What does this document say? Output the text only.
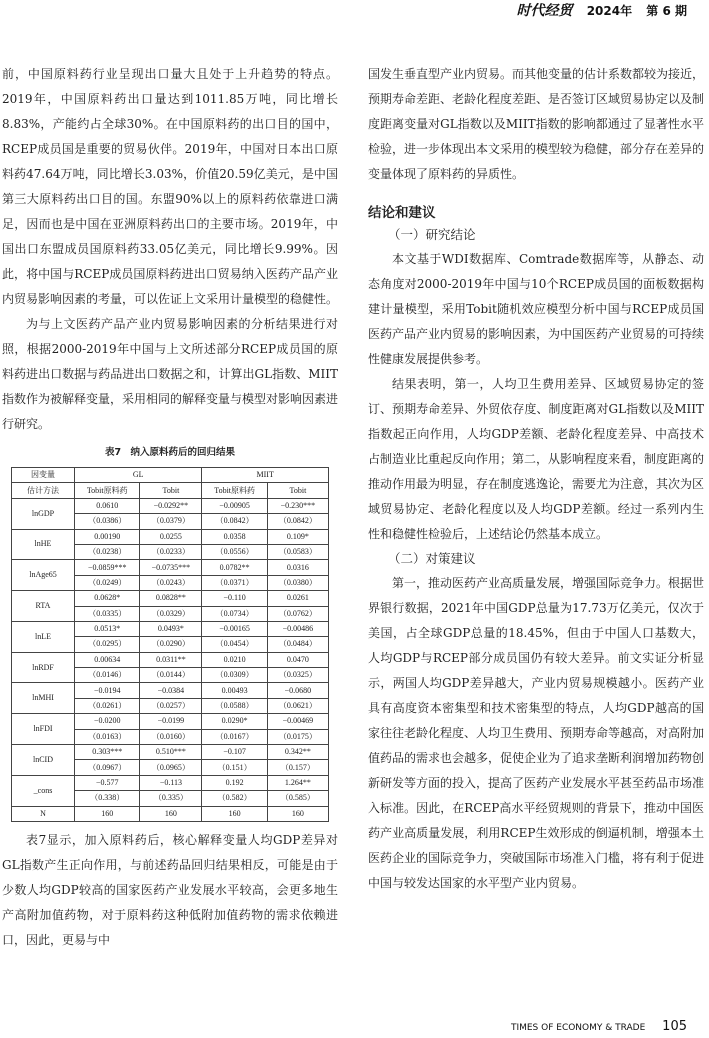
时代经贸 2024年 第 6 期

前，中国原料药行业呈现出口量大且处于上升趋势的特点。2019年，中国原料药出口量达到1011.85万吨，同比增长8.83%，产能约占全球30%。在中国原料药的出口目的国中，RCEP成员国是重要的贸易伙伴。2019年，中国对日本出口原料药47.64万吨，同比增长3.03%，价值20.59亿美元，是中国第三大原料药出口目的国。东盟90%以上的原料药依靠进口满足，因而也是中国在亚洲原料药出口的主要市场。2019年，中国出口东盟成员国原料药33.05亿美元，同比增长9.99%。因此，将中国与RCEP成员国原料药进出口贸易纳入医药产品产业内贸易影响因素的考量，可以佐证上文采用计量模型的稳健性。

为与上文医药产品产业内贸易影响因素的分析结果进行对照，根据2000-2019年中国与上文所述部分RCEP成员国的原料药进出口数据与药品进出口数据之和，计算出GL指数、MIIT指数作为被解释变量，采用相同的解释变量与模型对影响因素进行研究。

表7　纳入原料药后的回归结果
因变量	GL		MIIT	
估计方法	Tobit原料药	Tobit	Tobit原料药	Tobit
lnGDP	0.0610	−0.0292**	−0.00905	−0.230***
	（0.0386）	（0.0379）	（0.0842）	（0.0842）
lnHE	0.00190	0.0255	0.0358	0.109*
	（0.0238）	（0.0233）	（0.0556）	（0.0583）
lnAge65	−0.0859***	−0.0735***	0.0782**	0.0316
	（0.0249）	（0.0243）	（0.0371）	（0.0380）
RTA	0.0628*	0.0828**	−0.110	0.0261
	（0.0335）	（0.0329）	（0.0734）	（0.0762）
lnLE	0.0513*	0.0493*	−0.00165	−0.00486
	（0.0295）	（0.0290）	（0.0454）	（0.0484）
lnRDF	0.00634	0.0311**	0.0210	0.0470
	（0.0146）	（0.0144）	（0.0309）	（0.0325）
lnMHI	−0.0194	−0.0384	0.00493	−0.0680
	（0.0261）	（0.0257）	（0.0588）	（0.0621）
lnFDI	−0.0200	−0.0199	0.0290*	−0.00469
	（0.0163）	（0.0160）	（0.0167）	（0.0175）
lnCID	0.303***	0.510***	−0.107	0.342**
	（0.0967）	（0.0965）	（0.151）	（0.157）
_cons	−0.577	−0.113	0.192	1.264**
	（0.338）	（0.335）	（0.582）	（0.585）
N	160	160	160	160

表7显示，加入原料药后，核心解释变量人均GDP差异对GL指数产生正向作用，与前述药品回归结果相反，可能是由于少数人均GDP较高的国家医药产业发展水平较高，会更多地生产高附加值药物，对于原料药这种低附加值药物的需求依赖进口，因此，更易与中

国发生垂直型产业内贸易。而其他变量的估计系数都较为接近，预期寿命差距、老龄化程度差距、是否签订区域贸易协定以及制度距离变量对GL指数以及MIIT指数的影响都通过了显著性水平检验，进一步体现出本文采用的模型较为稳健，部分存在差异的变量体现了原料药的异质性。

结论和建议

（一）研究结论

本文基于WDI数据库、Comtrade数据库等，从静态、动态角度对2000-2019年中国与10个RCEP成员国的面板数据构建计量模型，采用Tobit随机效应模型分析中国与RCEP成员国医药产品产业内贸易的影响因素，为中国医药产业贸易的可持续性健康发展提供参考。

结果表明，第一，人均卫生费用差异、区域贸易协定的签订、预期寿命差异、外贸依存度、制度距离对GL指数以及MIIT指数起正向作用，人均GDP差额、老龄化程度差异、中高技术占制造业比重起反向作用；第二，从影响程度来看，制度距离的推动作用最为明显，存在制度逃逸论，需要尤为注意，其次为区域贸易协定、老龄化程度以及人均GDP差额。经过一系列内生性和稳健性检验后，上述结论仍然基本成立。

（二）对策建议

第一，推动医药产业高质量发展，增强国际竞争力。根据世界银行数据，2021年中国GDP总量为17.73万亿美元，仅次于美国，占全球GDP总量的18.45%，但由于中国人口基数大，人均GDP与RCEP部分成员国仍有较大差异。前文实证分析显示，两国人均GDP差异越大，产业内贸易规模越小。医药产业具有高度资本密集型和技术密集型的特点，人均GDP越高的国家往往老龄化程度、人均卫生费用、预期寿命等越高，对高附加值药品的需求也会越多，促使企业为了追求垄断利润增加药物创新研发等方面的投入，提高了医药产业发展水平甚至药品市场准入标准。因此，在RCEP高水平经贸规则的背景下，推动中国医药产业高质量发展，利用RCEP生效形成的倒逼机制，增强本土医药企业的国际竞争力，突破国际市场准入门槛，将有利于促进中国与较发达国家的水平型产业内贸易。

TIMES OF ECONOMY & TRADE 105
